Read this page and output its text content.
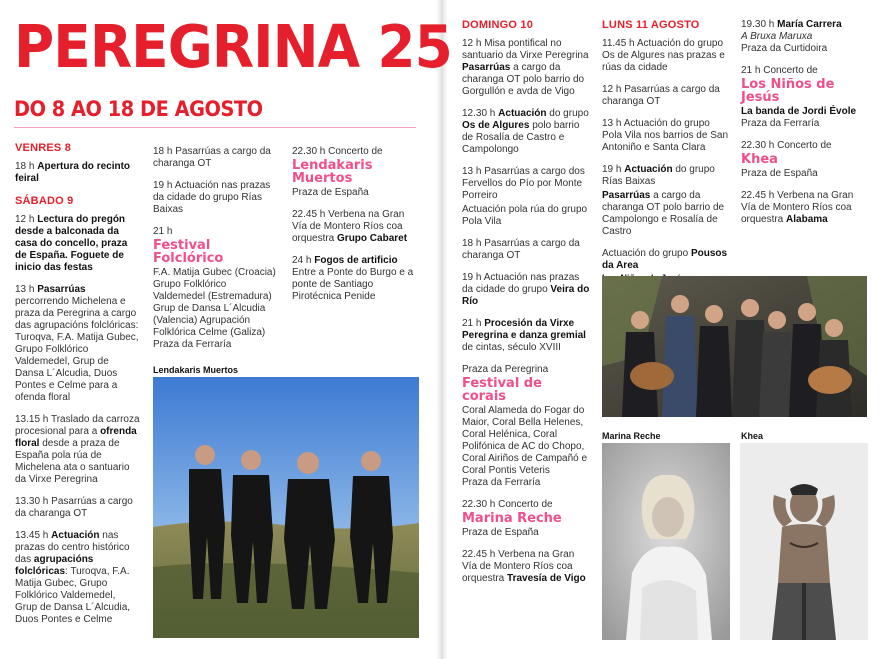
PEREGRINA 25
DO 8 AO 18 DE AGOSTO

VENRES 8

18 h Apertura do recinto feiral

SÁBADO 9

12 h Lectura do pregón desde a balconada da casa do concello, praza de España. Foguete de inicio das festas

13 h Pasarrúas percorrendo Michelena e praza da Peregrina a cargo das agrupacións folclóricas: Turoqva, F.A. Matija Gubec, Grupo Folklórico Valdemedel, Grup de Dansa L´Alcudia, Duos Pontes e Celme para a ofenda floral

13.15 h Traslado da carroza procesional para a ofrenda floral desde a praza de España pola rúa de Michelena ata o santuario da Virxe Peregrina

13.30 h Pasarrúas a cargo da charanga OT

13.45 h Actuación nas prazas do centro histórico das agrupacións folclóricas: Turoqva, F.A. Matija Gubec, Grupo Folklórico Valdemedel, Grup de Dansa L´Alcudia, Duos Pontes e Celme

18 h Pasarrúas a cargo da charanga OT

19 h Actuación nas prazas da cidade do grupo Rías Baixas

21 h
Festival Folclórico
F.A. Matija Gubec (Croacia) Grupo Folklórico Valdemedel (Estremadura) Grup de Dansa L´Alcudia (Valencia) Agrupación Folklórica Celme (Galiza)
Praza da Ferraría

22.30 h Concerto de
Lendakaris Muertos
Praza de España

22.45 h Verbena na Gran Vía de Montero Ríos coa orquestra Grupo Cabaret

24 h Fogos de artificio Entre a Ponte do Burgo e a ponte de Santiago Pirotécnica Penide

Lendakaris Muertos

DOMINGO 10

12 h Misa pontifical no santuario da Virxe Peregrina Pasarrúas a cargo da charanga OT polo barrio do Gorgullón e avda de Vigo

12.30 h Actuación do grupo Os de Algures polo barrio de Rosalía de Castro e Campolongo

13 h Pasarrúas a cargo dos Fervellos do Pío por Monte Porreiro

Actuación pola rúa do grupo Pola Vila

18 h Pasarrúas a cargo da charanga OT

19 h Actuación nas prazas da cidade do grupo Veira do Río

21 h Procesión da Virxe Peregrina e danza gremial de cintas, século XVIII

Praza da Peregrina
Festival de corais
Coral Alameda do Fogar do Maior, Coral Bella Helenes, Coral Helénica, Coral Polifónica de AC do Chopo, Coral Airiños de Campañó e Coral Pontis Veteris
Praza da Ferraría

22.30 h Concerto de
Marina Reche
Praza de España

22.45 h Verbena na Gran Vía de Montero Ríos coa orquestra Travesía de Vigo

LUNS 11 AGOSTO

11.45 h Actuación do grupo Os de Algures nas prazas e rúas da cidade

12 h Pasarrúas a cargo da charanga OT

13 h Actuación do grupo Pola Vila nos barrios de San Antoniño e Santa Clara

19 h Actuación do grupo Rías Baixas

Pasarrúas a cargo da charanga OT polo barrio de Campolongo e Rosalía de Castro

Actuación do grupo Pousos da Area

19.30 h María Carrera
A Bruxa Maruxa
Praza da Curtidoira

21 h Concerto de
Los Niños de Jesús
La banda de Jordi Évole
Praza da Ferraría

22.30 h Concerto de
Khea
Praza de España

22.45 h Verbena na Gran Vía de Montero Ríos coa orquestra Alabama

Marina Reche	Khea
